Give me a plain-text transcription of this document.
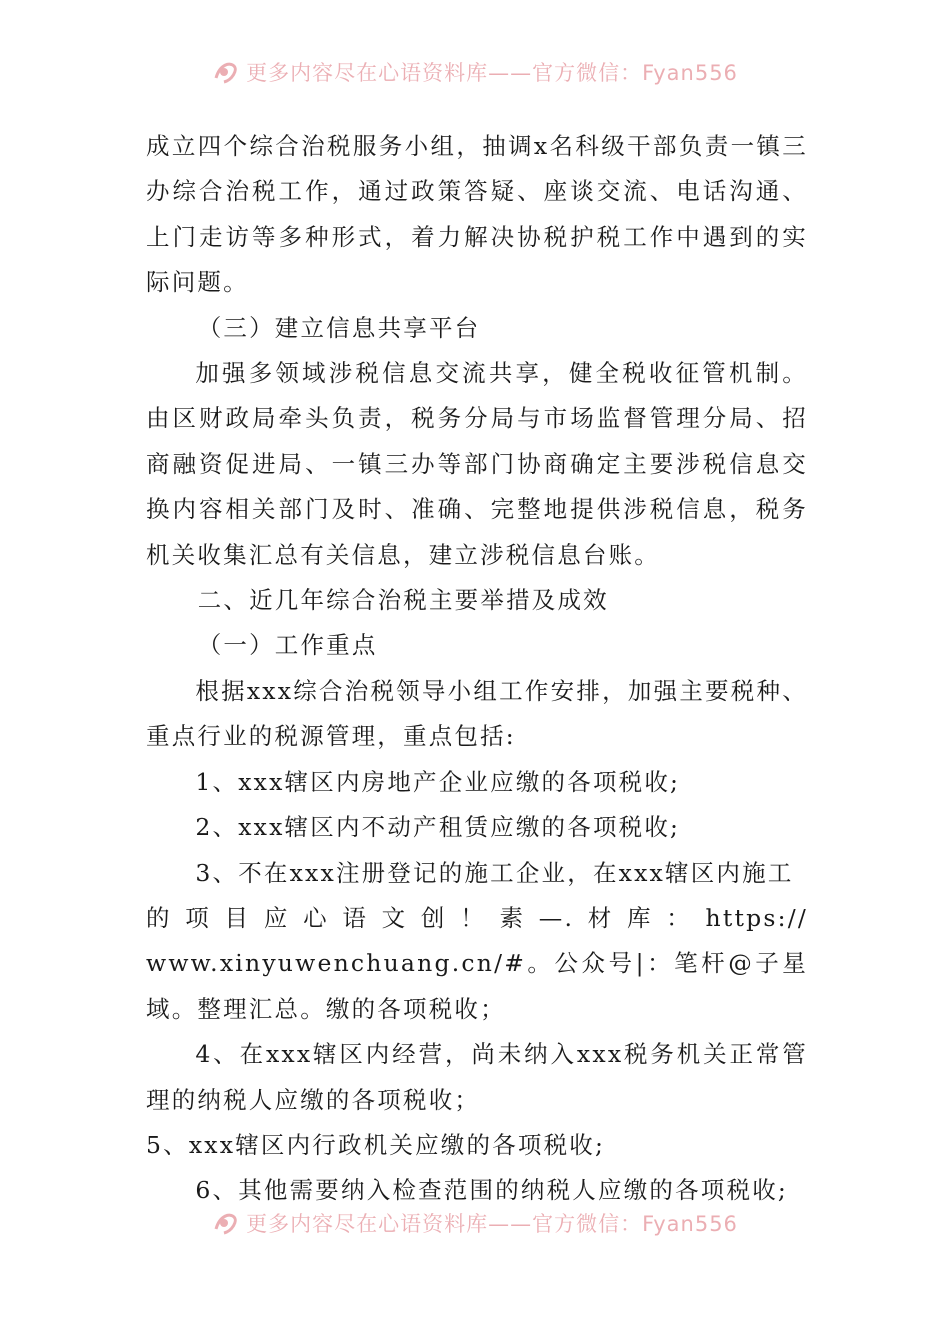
更多内容尽在心语资料库——官方微信：Fyan556

成立四个综合治税服务小组，抽调x名科级干部负责一镇三办综合治税工作，通过政策答疑、座谈交流、电话沟通、上门走访等多种形式，着力解决协税护税工作中遇到的实际问题。

（三）建立信息共享平台

加强多领域涉税信息交流共享，健全税收征管机制。由区财政局牵头负责，税务分局与市场监督管理分局、招商融资促进局、一镇三办等部门协商确定主要涉税信息交换内容相关部门及时、准确、完整地提供涉税信息，税务机关收集汇总有关信息，建立涉税信息台账。

二、近几年综合治税主要举措及成效

（一）工作重点

根据xxx综合治税领导小组工作安排，加强主要税种、重点行业的税源管理，重点包括:

1、xxx辖区内房地产企业应缴的各项税收;

2、xxx辖区内不动产租赁应缴的各项税收;

3、不在xxx注册登记的施工企业，在xxx辖区内施工

的项目应心语文创！素—.材库：https://

www.xinyuwenchuang.cn/#。公众号|：笔杆@子星域。整理汇总。缴的各项税收；

4、在xxx辖区内经营，尚未纳入xxx税务机关正常管理的纳税人应缴的各项税收；

5、xxx辖区内行政机关应缴的各项税收;

6、其他需要纳入检查范围的纳税人应缴的各项税收;

更多内容尽在心语资料库——官方微信：Fyan556
